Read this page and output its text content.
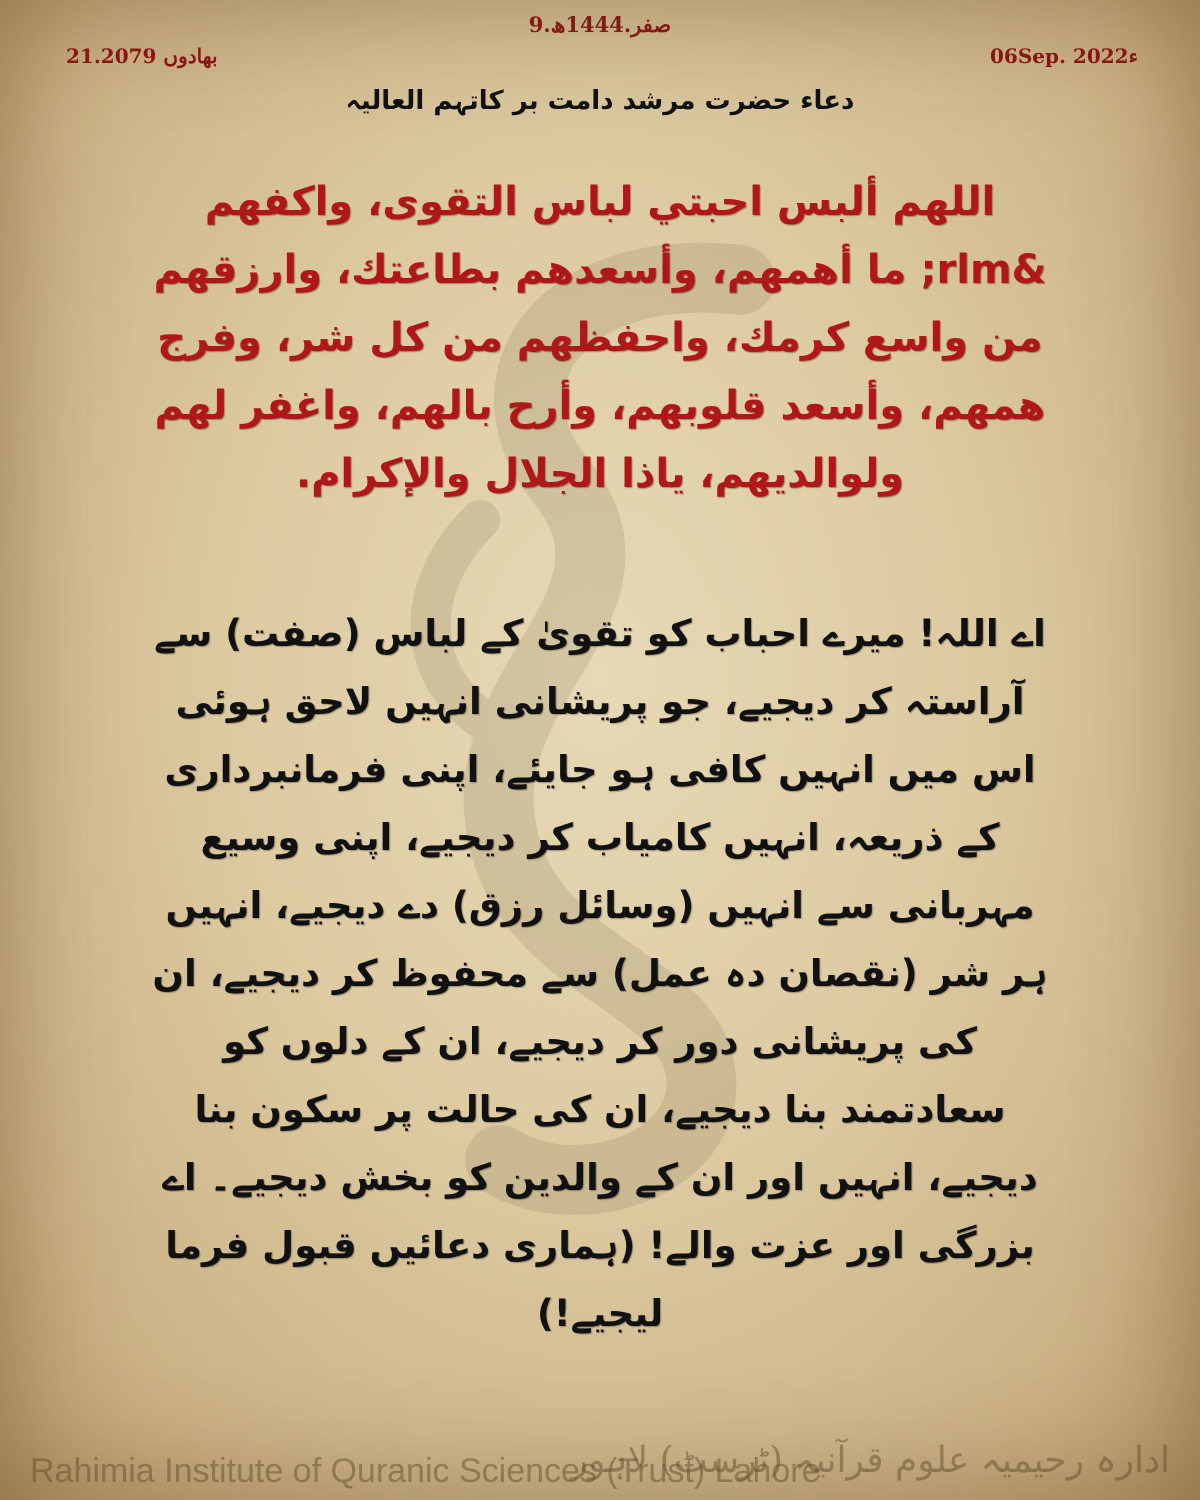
21.بھادوں 2079
9.صفر.1444ھ
06Sep. 2022ء
دعاء حضرت مرشد دامت بر کاتہم العالیہ
اللهم ألبس احبتي لباس التقوى، واكفهم &rlm; ما أهمهم، وأسعدهم بطاعتك، وارزقهم من واسع كرمك، واحفظهم من كل شر، وفرج همهم، وأسعد قلوبهم، وأرح بالهم، واغفر لهم ولوالديهم، ياذا الجلال والإكرام.
اے اللہ! میرے احباب کو تقویٰ کے لباس (صفت) سے آراستہ کر دیجیے، جو پریشانی انہیں لاحق ہوئی اس میں انہیں کافی ہو جایئے، اپنی فرمانبرداری کے ذریعہ، انہیں کامیاب کر دیجیے، اپنی وسیع مہربانی سے انہیں (وسائل رزق) دے دیجیے، انہیں ہر شر (نقصان دہ عمل) سے محفوظ کر دیجیے، ان کی پریشانی دور کر دیجیے، ان کے دلوں کو سعادتمند بنا دیجیے، ان کی حالت پر سکون بنا دیجیے، انہیں اور ان کے والدین کو بخش دیجیے۔ اے بزرگی اور عزت والے! (ہماری دعائیں قبول فرما لیجیے!)
Rahimia Institute of Quranic Sciences (Trust) Lahore
ادارہ رحیمیہ علوم قرآنیہ (ٹرسٹ) لاہور
